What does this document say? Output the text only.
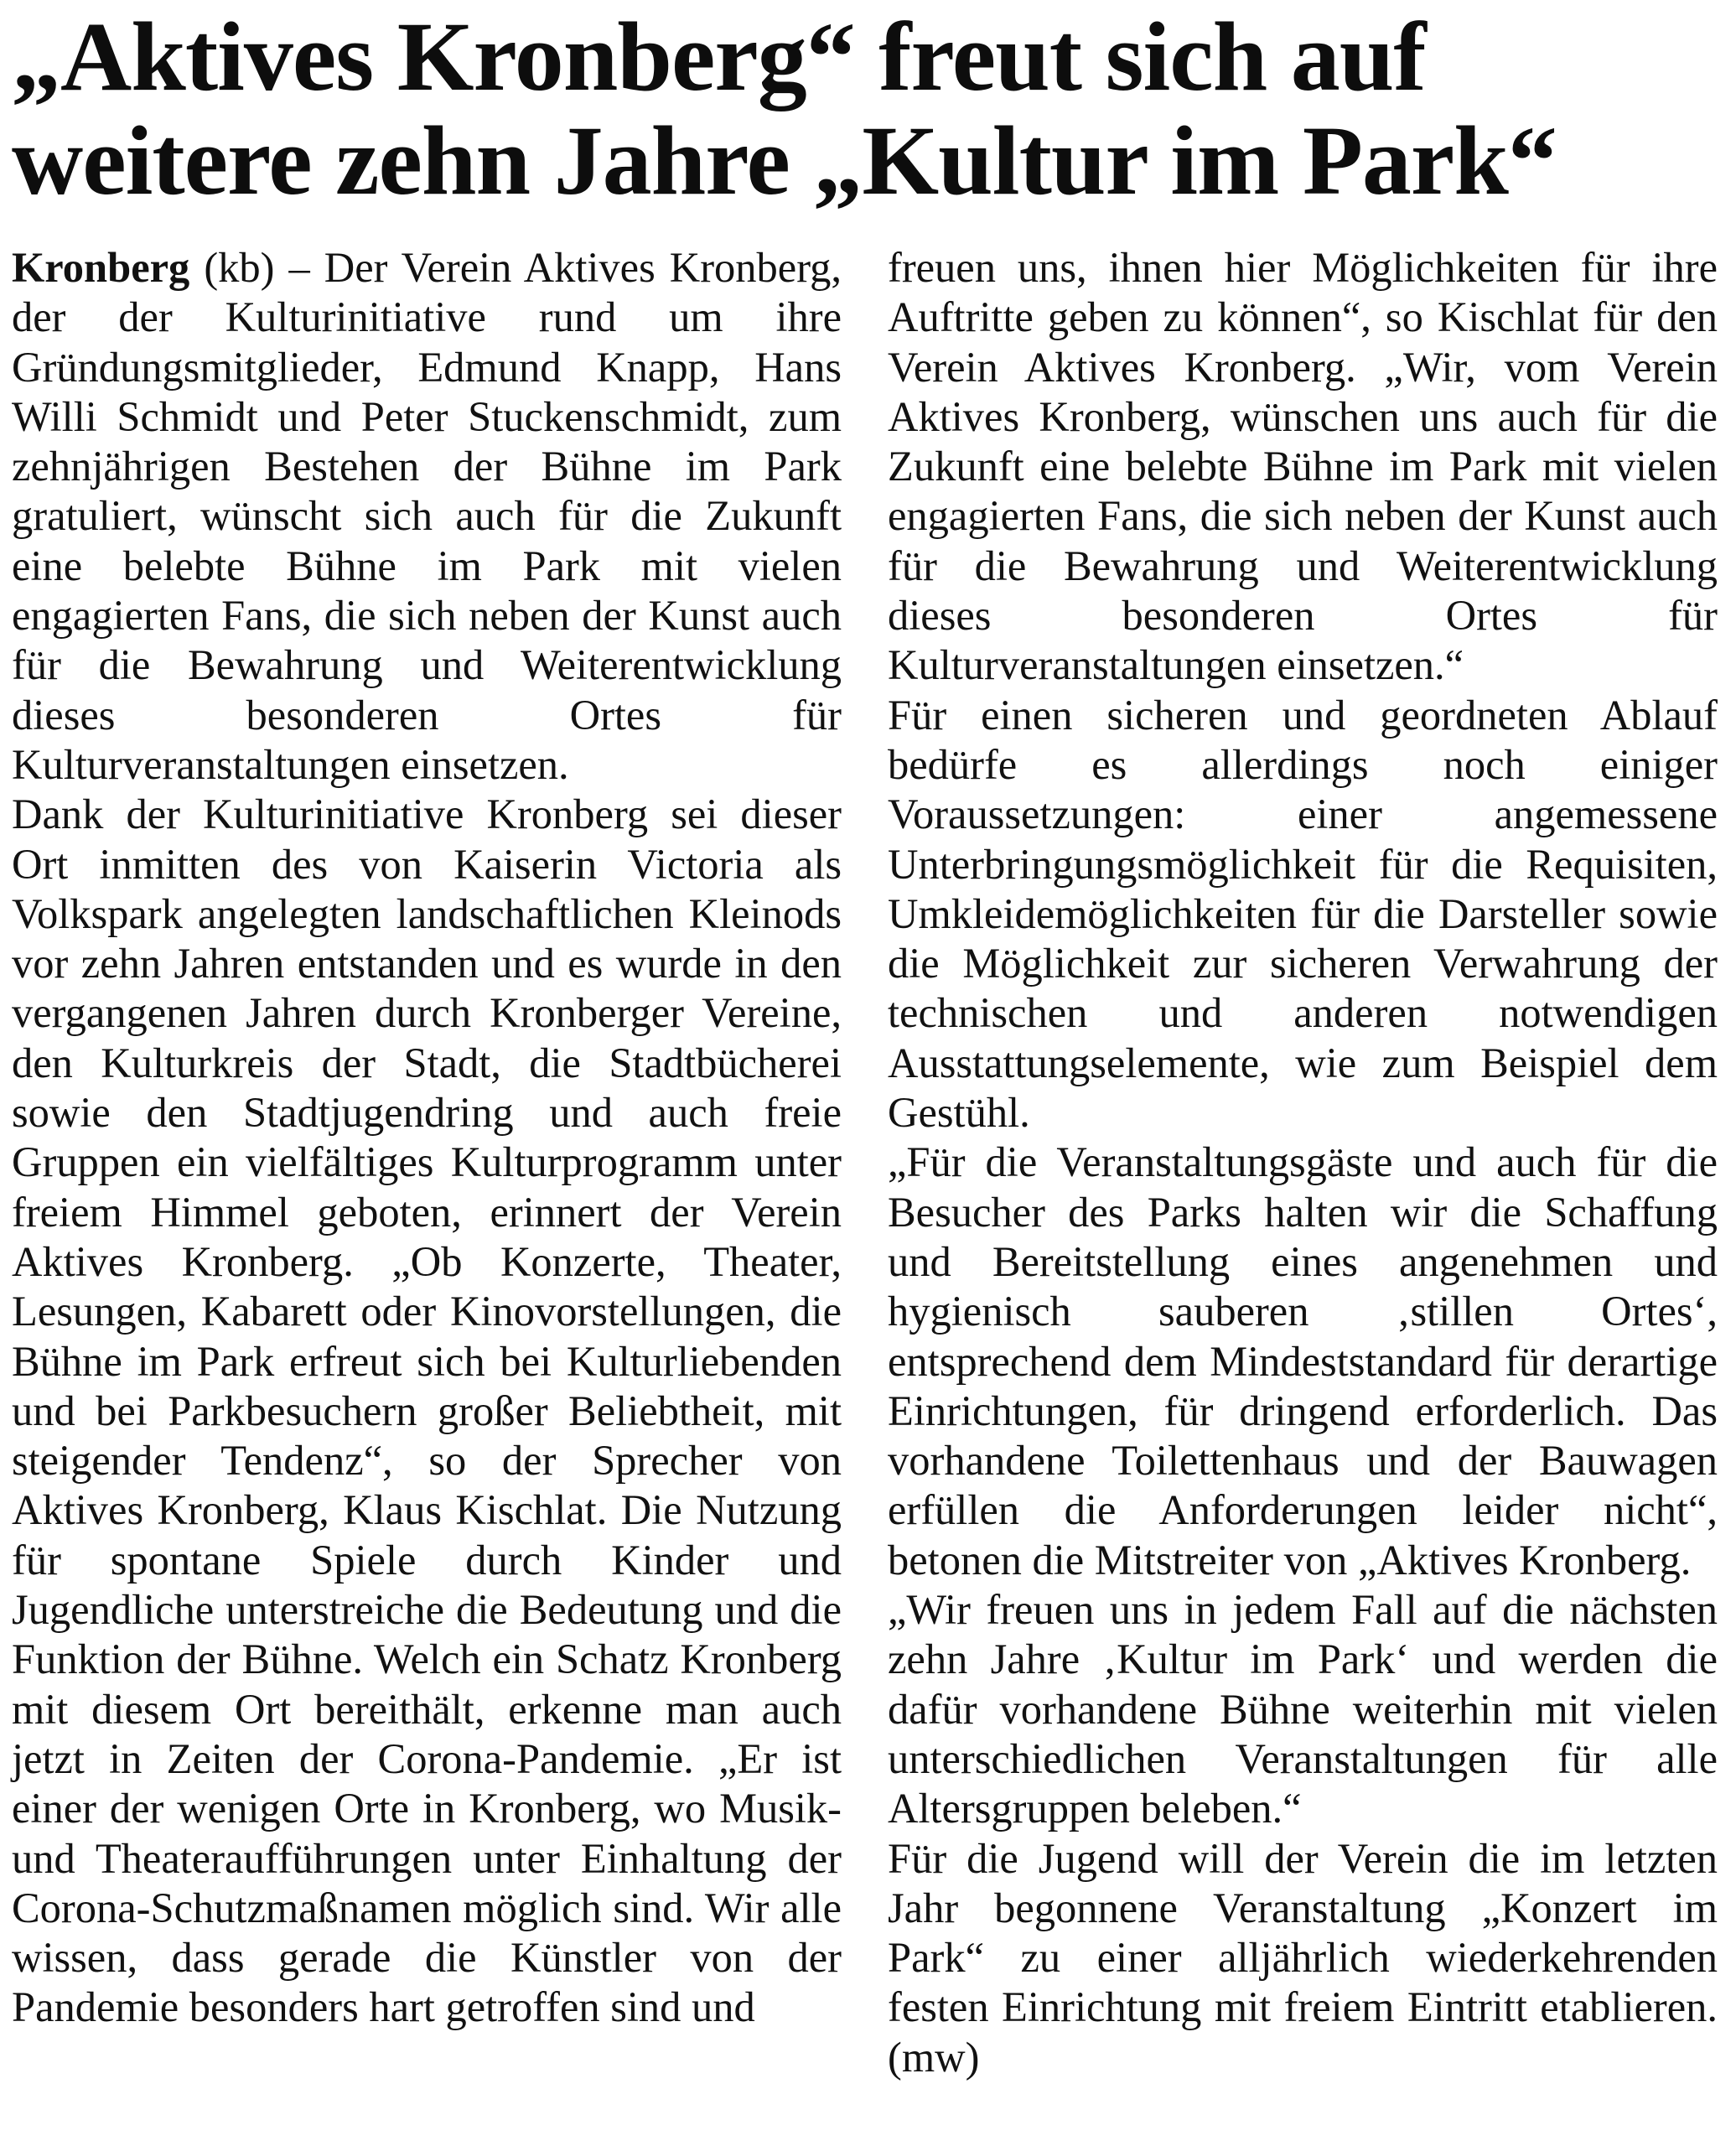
„Aktives Kronberg“ freut sich auf
weitere zehn Jahre „Kultur im Park“

Kronberg (kb) – Der Verein Aktives Kronberg, der der Kulturinitiative rund um ihre Gründungsmitglieder, Edmund Knapp, Hans Willi Schmidt und Peter Stuckenschmidt, zum zehnjährigen Bestehen der Bühne im Park gratuliert, wünscht sich auch für die Zukunft eine belebte Bühne im Park mit vielen engagierten Fans, die sich neben der Kunst auch für die Bewahrung und Weiterentwicklung dieses besonderen Ortes für Kulturveranstaltungen einsetzen.

Dank der Kulturinitiative Kronberg sei dieser Ort inmitten des von Kaiserin Victoria als Volkspark angelegten landschaftlichen Kleinods vor zehn Jahren entstanden und es wurde in den vergangenen Jahren durch Kronberger Vereine, den Kulturkreis der Stadt, die Stadtbücherei sowie den Stadtjugendring und auch freie Gruppen ein vielfältiges Kulturprogramm unter freiem Himmel geboten, erinnert der Verein Aktives Kronberg. „Ob Konzerte, Theater, Lesungen, Kabarett oder Kinovorstellungen, die Bühne im Park erfreut sich bei Kulturliebenden und bei Parkbesuchern großer Beliebtheit, mit steigender Tendenz“, so der Sprecher von Aktives Kronberg, Klaus Kischlat. Die Nutzung für spontane Spiele durch Kinder und Jugendliche unterstreiche die Bedeutung und die Funktion der Bühne. Welch ein Schatz Kronberg mit diesem Ort bereithält, erkenne man auch jetzt in Zeiten der Corona-Pandemie. „Er ist einer der wenigen Orte in Kronberg, wo Musik- und Theateraufführungen unter Einhaltung der Corona-Schutzmaßnamen möglich sind. Wir alle wissen, dass gerade die Künstler von der Pandemie besonders hart getroffen sind und

freuen uns, ihnen hier Möglichkeiten für ihre Auftritte geben zu können“, so Kischlat für den Verein Aktives Kronberg. „Wir, vom Verein Aktives Kronberg, wünschen uns auch für die Zukunft eine belebte Bühne im Park mit vielen engagierten Fans, die sich neben der Kunst auch für die Bewahrung und Weiterentwicklung dieses besonderen Ortes für Kulturveranstaltungen einsetzen.“

Für einen sicheren und geordneten Ablauf bedürfe es allerdings noch einiger Voraussetzungen: einer angemessene Unterbringungsmöglichkeit für die Requisiten, Umkleidemöglichkeiten für die Darsteller sowie die Möglichkeit zur sicheren Verwahrung der technischen und anderen notwendigen Ausstattungselemente, wie zum Beispiel dem Gestühl.

„Für die Veranstaltungsgäste und auch für die Besucher des Parks halten wir die Schaffung und Bereitstellung eines angenehmen und hygienisch sauberen ‚stillen Ortes‘, entsprechend dem Mindeststandard für derartige Einrichtungen, für dringend erforderlich. Das vorhandene Toilettenhaus und der Bauwagen erfüllen die Anforderungen leider nicht“, betonen die Mitstreiter von „Aktives Kronberg.

„Wir freuen uns in jedem Fall auf die nächsten zehn Jahre ‚Kultur im Park‘ und werden die dafür vorhandene Bühne weiterhin mit vielen unterschiedlichen Veranstaltungen für alle Altersgruppen beleben.“

Für die Jugend will der Verein die im letzten Jahr begonnene Veranstaltung „Konzert im Park“ zu einer alljährlich wiederkehrenden festen Einrichtung mit freiem Eintritt etablieren. (mw)
